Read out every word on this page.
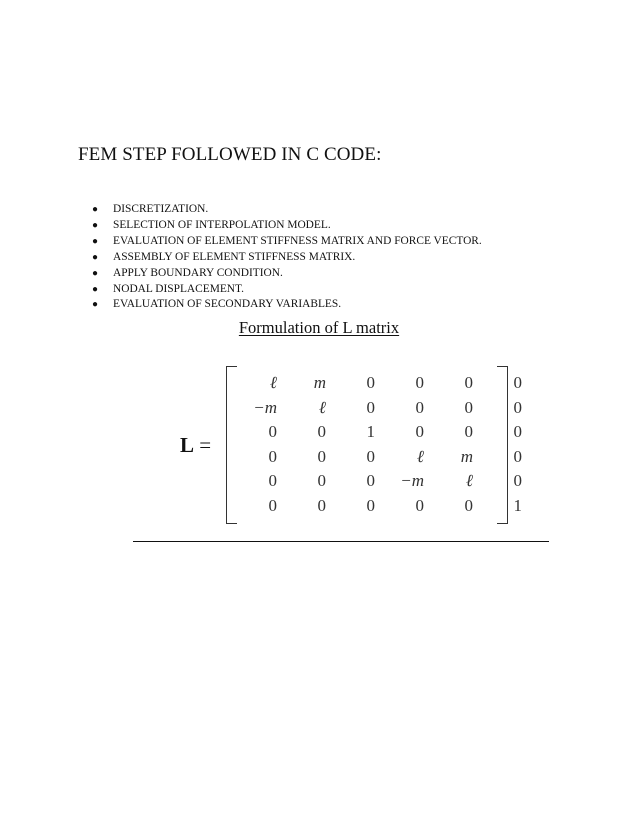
FEM STEP FOLLOWED IN C CODE:
● DISCRETIZATION.
● SELECTION OF INTERPOLATION MODEL.
● EVALUATION OF ELEMENT STIFFNESS MATRIX AND FORCE VECTOR.
● ASSEMBLY OF ELEMENT STIFFNESS MATRIX.
● APPLY BOUNDARY CONDITION.
● NODAL DISPLACEMENT.
● EVALUATION OF SECONDARY VARIABLES.
Formulation of L matrix
L =
ℓ	m	0	0	0	0
−m	ℓ	0	0	0	0
0	0	1	0	0	0
0	0	0	ℓ	m	0
0	0	0	−m	ℓ	0
0	0	0	0	0	1
